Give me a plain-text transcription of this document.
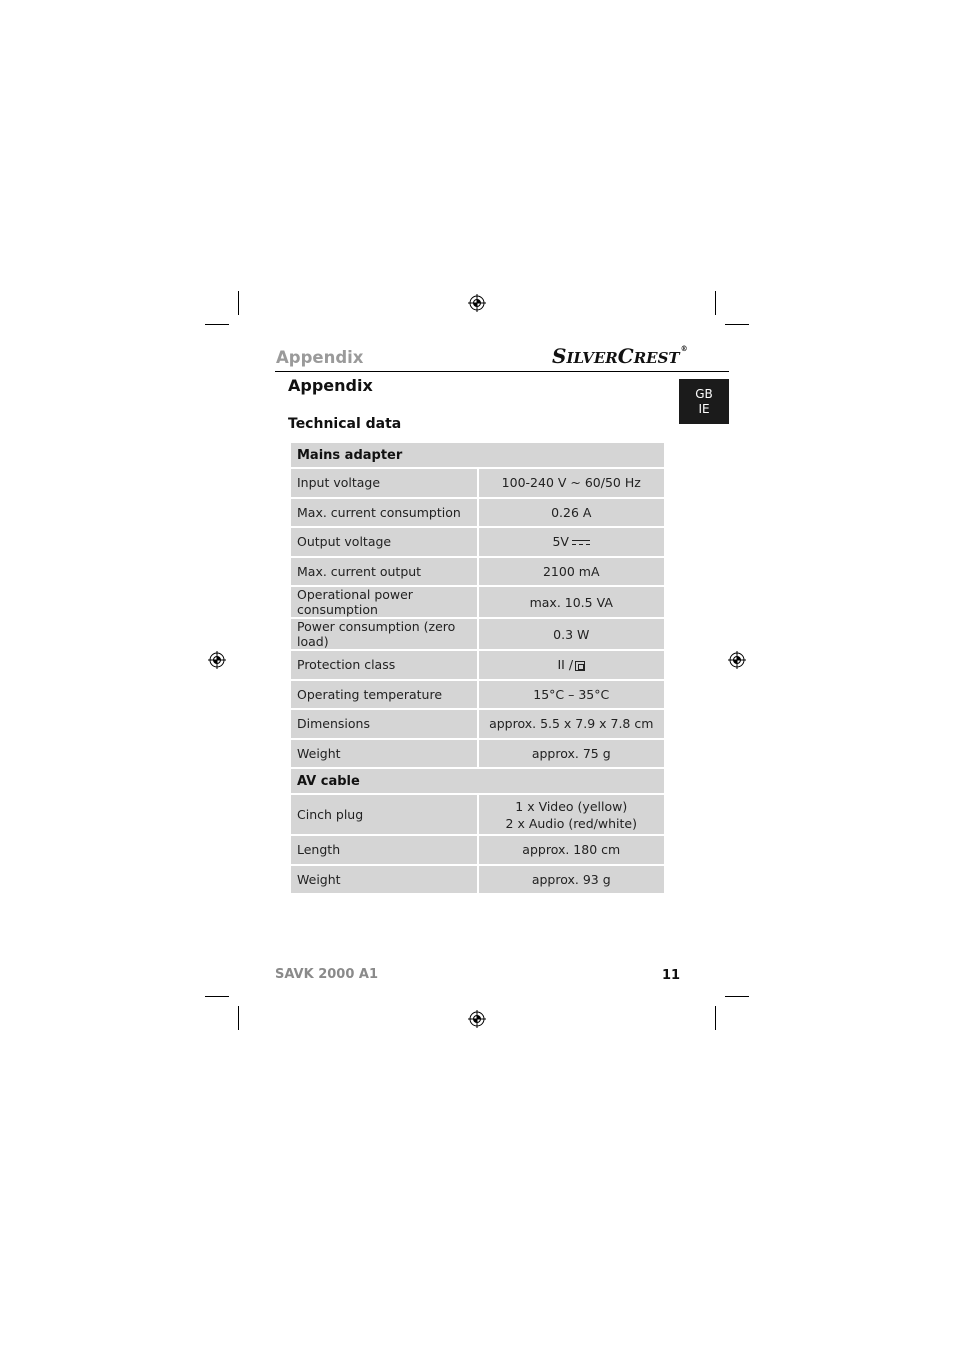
Appendix	SILVERCREST®
GB
IE
Appendix
Technical data
Mains adapter	
Input voltage	100-240 V ~ 60/50 Hz
Max. current consumption	0.26 A
Output voltage	5V
Max. current output	2100 mA
Operational power consumption	max. 10.5 VA
Power consumption (zero load)	0.3 W
Protection class	II /
Operating temperature	15°C – 35°C
Dimensions	approx. 5.5 x 7.9 x 7.8 cm
Weight	approx. 75 g
AV cable	
Cinch plug	1 x Video (yellow)
2 x Audio (red/white)

Length	approx. 180 cm
Weight	approx. 93 g
SAVK 2000 A1	11
